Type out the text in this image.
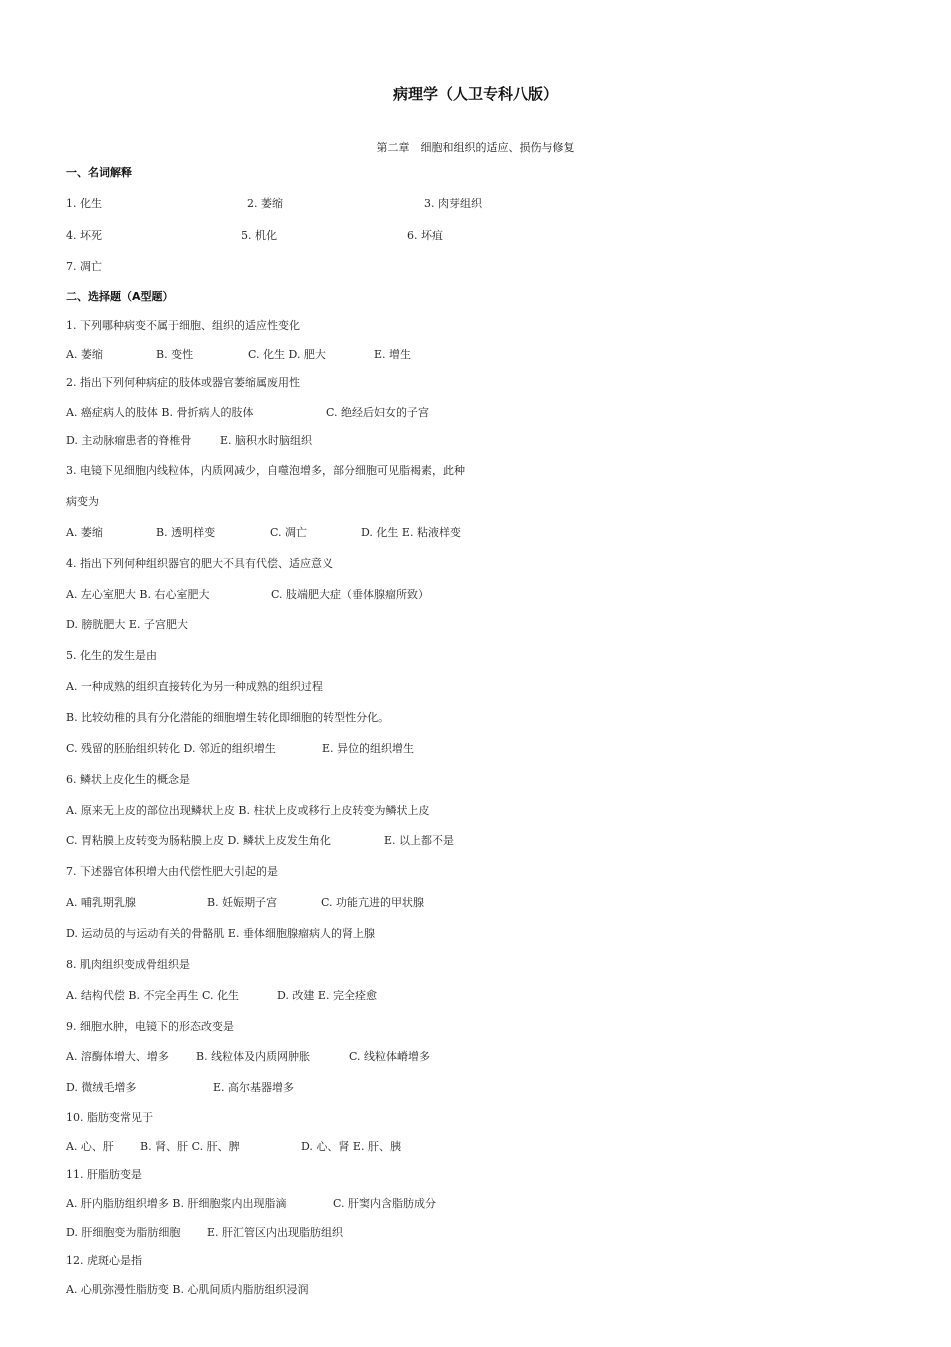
病理学（人卫专科八版）
第二章　细胞和组织的适应、损伤与修复
一、名词解释
1. 化生	2. 萎缩	3. 肉芽组织
4. 坏死	5. 机化	6. 坏疽
7. 凋亡
二、选择题（A型题）
1. 下列哪种病变不属于细胞、组织的适应性变化
A. 萎缩	B. 变性	C. 化生 D. 肥大	E. 增生
2. 指出下列何种病症的肢体或器官萎缩属废用性
A. 癌症病人的肢体 B. 骨折病人的肢体	C. 绝经后妇女的子宫
D. 主动脉瘤患者的脊椎骨	E. 脑积水时脑组织
3. 电镜下见细胞内线粒体，内质网减少，自噬泡增多，部分细胞可见脂褐素，此种
病变为
A. 萎缩	B. 透明样变	C. 凋亡	D. 化生 E. 粘液样变
4. 指出下列何种组织器官的肥大不具有代偿、适应意义
A. 左心室肥大 B. 右心室肥大	C. 肢端肥大症（垂体腺瘤所致）
D. 膀胱肥大 E. 子宫肥大
5. 化生的发生是由
A. 一种成熟的组织直接转化为另一种成熟的组织过程
B. 比较幼稚的具有分化潜能的细胞增生转化即细胞的转型性分化。
C. 残留的胚胎组织转化 D. 邻近的组织增生	E. 异位的组织增生
6. 鳞状上皮化生的概念是
A. 原来无上皮的部位出现鳞状上皮 B. 柱状上皮或移行上皮转变为鳞状上皮
C. 胃粘膜上皮转变为肠粘膜上皮 D. 鳞状上皮发生角化	E. 以上都不是
7. 下述器官体积增大由代偿性肥大引起的是
A. 哺乳期乳腺	B. 妊娠期子宫	C. 功能亢进的甲状腺
D. 运动员的与运动有关的骨骼肌 E. 垂体细胞腺瘤病人的肾上腺
8. 肌肉组织变成骨组织是
A. 结构代偿 B. 不完全再生 C. 化生	D. 改建 E. 完全痊愈
9. 细胞水肿，电镜下的形态改变是
A. 溶酶体增大、增多 B. 线粒体及内质网肿胀	C. 线粒体嵴增多
D. 微绒毛增多	E. 高尔基器增多
10. 脂肪变常见于
A. 心、肝 B. 肾、肝 C. 肝、脾	D. 心、肾 E. 肝、胰
11. 肝脂肪变是
A. 肝内脂肪组织增多 B. 肝细胞浆内出现脂滴	C. 肝窦内含脂肪成分
D. 肝细胞变为脂肪细胞 E. 肝汇管区内出现脂肪组织
12. 虎斑心是指
A. 心肌弥漫性脂肪变 B. 心肌间质内脂肪组织浸润
